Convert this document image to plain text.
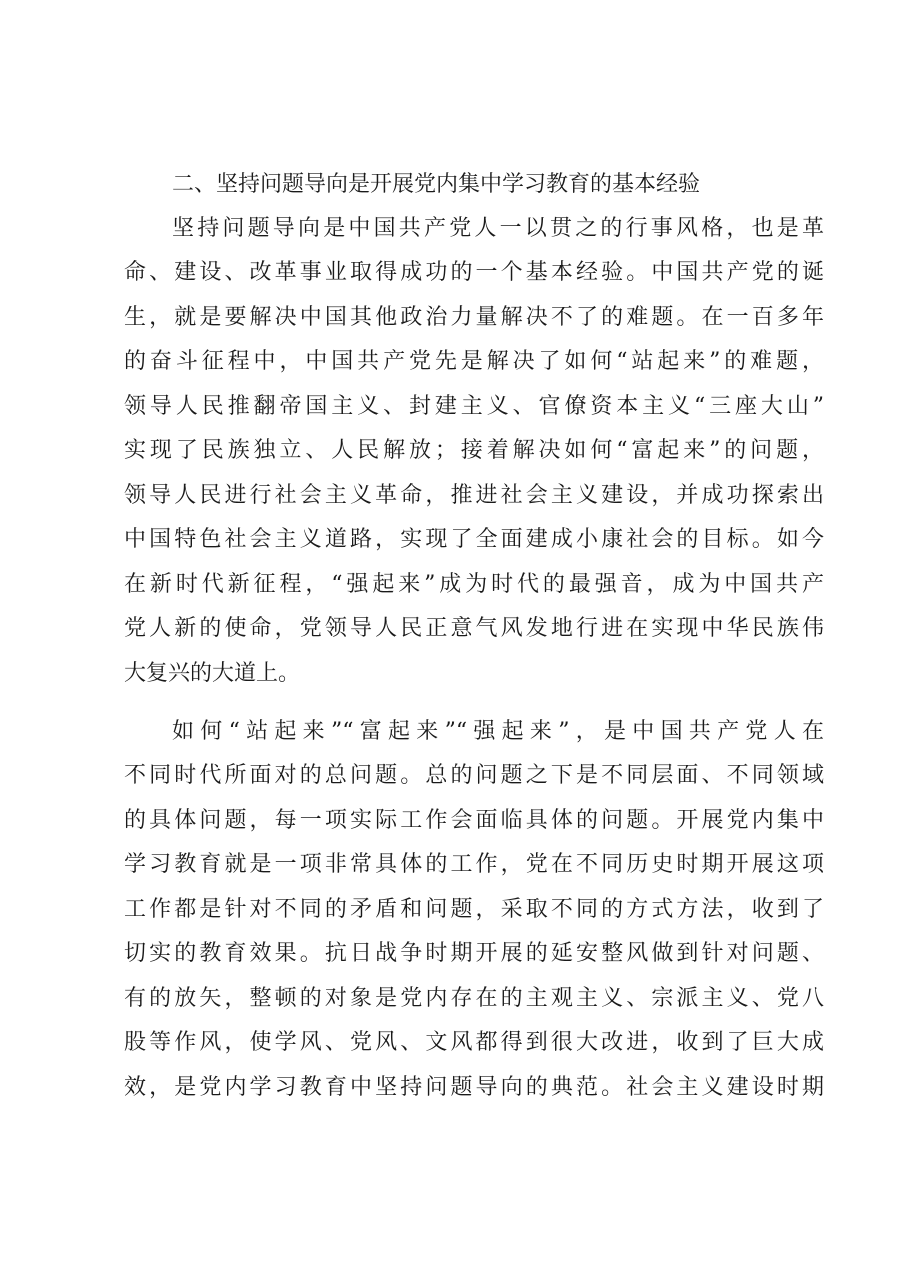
二、坚持问题导向是开展党内集中学习教育的基本经验
坚持问题导向是中国共产党人一以贯之的行事风格，也是革
命、建设、改革事业取得成功的一个基本经验。中国共产党的诞
生，就是要解决中国其他政治力量解决不了的难题。在一百多年
的奋斗征程中，中国共产党先是解决了如何“站起来”的难题，
领导人民推翻帝国主义、封建主义、官僚资本主义“三座大山”
实现了民族独立、人民解放；接着解决如何“富起来”的问题，
领导人民进行社会主义革命，推进社会主义建设，并成功探索出
中国特色社会主义道路，实现了全面建成小康社会的目标。如今
在新时代新征程，“强起来”成为时代的最强音，成为中国共产
党人新的使命，党领导人民正意气风发地行进在实现中华民族伟
大复兴的大道上。
如何“站起来”“富起来”“强起来”，是中国共产党人在
不同时代所面对的总问题。总的问题之下是不同层面、不同领域
的具体问题，每一项实际工作会面临具体的问题。开展党内集中
学习教育就是一项非常具体的工作，党在不同历史时期开展这项
工作都是针对不同的矛盾和问题，采取不同的方式方法，收到了
切实的教育效果。抗日战争时期开展的延安整风做到针对问题、
有的放矢，整顿的对象是党内存在的主观主义、宗派主义、党八
股等作风，使学风、党风、文风都得到很大改进，收到了巨大成
效，是党内学习教育中坚持问题导向的典范。社会主义建设时期
